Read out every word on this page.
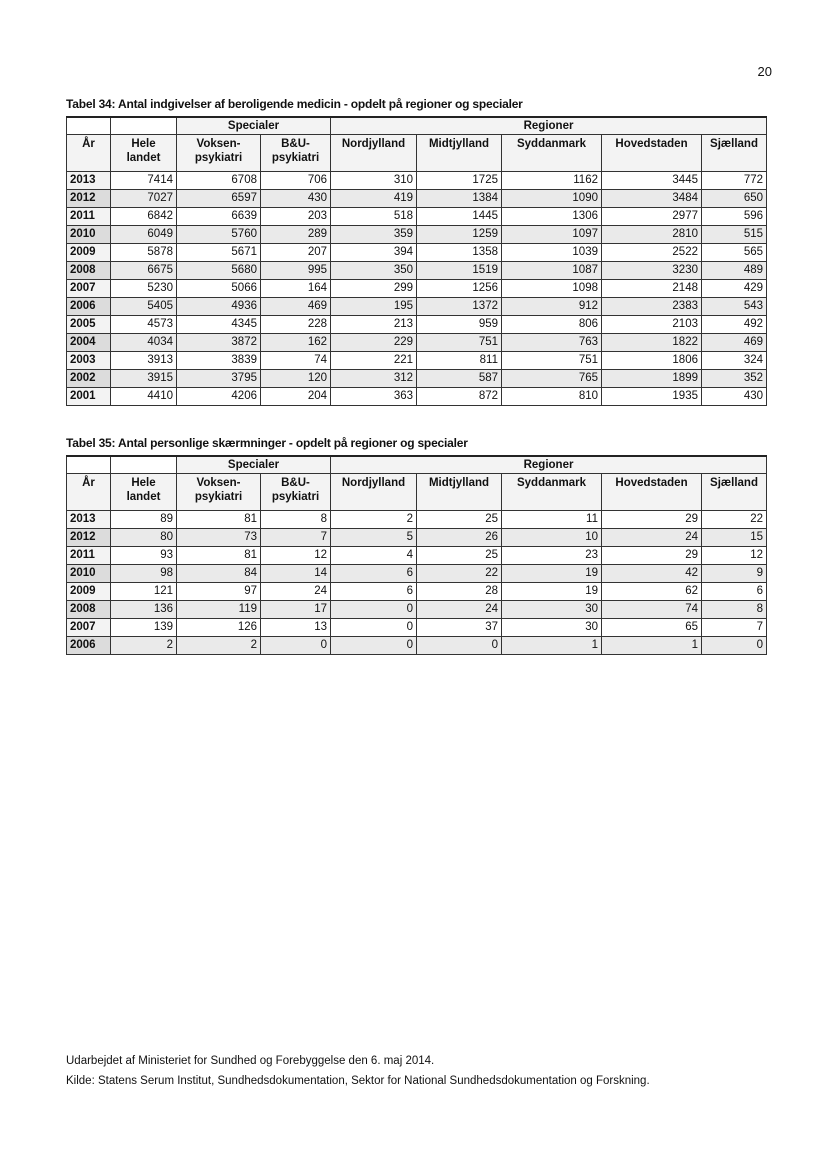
20
Tabel 34: Antal indgivelser af beroligende medicin - opdelt på regioner og specialer
		Specialer		Regioner				
År	Hele landet	Voksen-psykiatri	B&U-psykiatri	Nordjylland	Midtjylland	Syddanmark	Hovedstaden	Sjælland
2013	7414	6708	706	310	1725	1162	3445	772
2012	7027	6597	430	419	1384	1090	3484	650
2011	6842	6639	203	518	1445	1306	2977	596
2010	6049	5760	289	359	1259	1097	2810	515
2009	5878	5671	207	394	1358	1039	2522	565
2008	6675	5680	995	350	1519	1087	3230	489
2007	5230	5066	164	299	1256	1098	2148	429
2006	5405	4936	469	195	1372	912	2383	543
2005	4573	4345	228	213	959	806	2103	492
2004	4034	3872	162	229	751	763	1822	469
2003	3913	3839	74	221	811	751	1806	324
2002	3915	3795	120	312	587	765	1899	352
2001	4410	4206	204	363	872	810	1935	430
Tabel 35: Antal personlige skærmninger - opdelt på regioner og specialer
		Specialer		Regioner				
År	Hele landet	Voksen-psykiatri	B&U-psykiatri	Nordjylland	Midtjylland	Syddanmark	Hovedstaden	Sjælland
2013	89	81	8	2	25	11	29	22
2012	80	73	7	5	26	10	24	15
2011	93	81	12	4	25	23	29	12
2010	98	84	14	6	22	19	42	9
2009	121	97	24	6	28	19	62	6
2008	136	119	17	0	24	30	74	8
2007	139	126	13	0	37	30	65	7
2006	2	2	0	0	0	1	1	0
Udarbejdet af Ministeriet for Sundhed og Forebyggelse den 6. maj 2014.
Kilde: Statens Serum Institut, Sundhedsdokumentation, Sektor for National Sundhedsdokumentation og Forskning.
